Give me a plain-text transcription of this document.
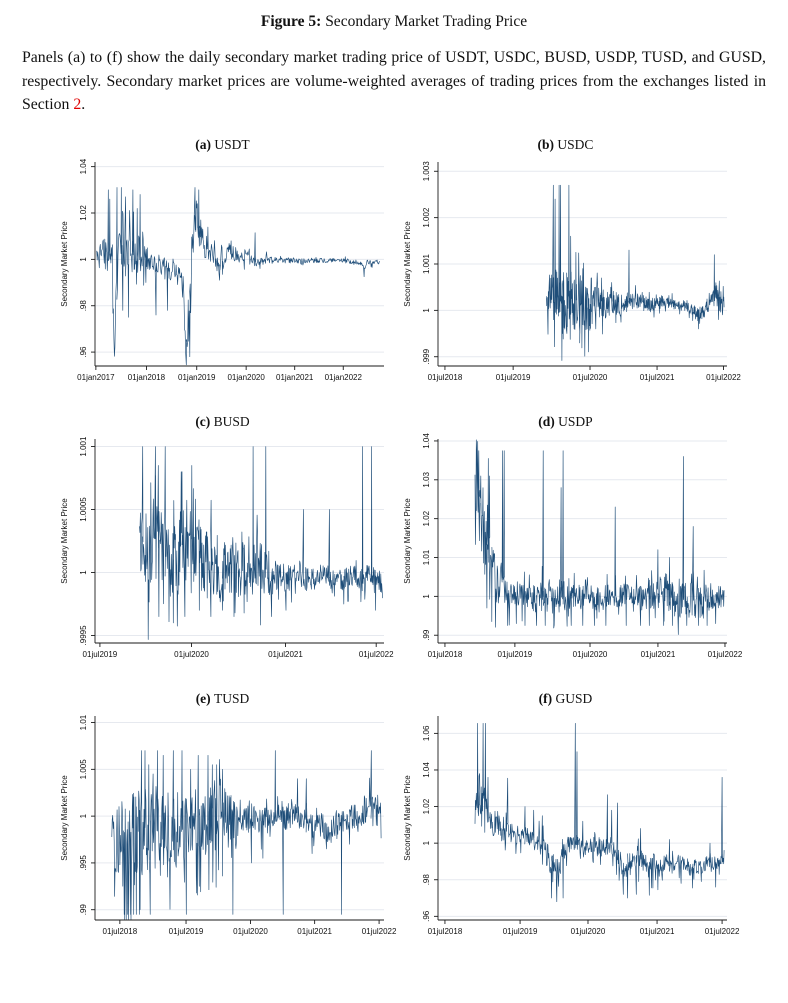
Figure 5: Secondary Market Trading Price

Panels (a) to (f) show the daily secondary market trading price of USDT, USDC, BUSD, USDP, TUSD, and GUSD, respectively. Secondary market prices are volume-weighted averages of trading prices from the exchanges listed in Section 2.

(a) USDT
.96
.98
1
1.02
1.04
01jan2017 01jan2018 01jan2019 01jan2020 01jan2021 01jan2022
Secondary Market Price
(b) USDC
.999
1
1.001
1.002
1.003
01jul2018	01jul2019	01jul2020	01jul2021	01jul2022
Secondary Market Price
(c) BUSD
.9995
1
1.0005
1.001
01jul2019	01jul2020	01jul2021	01jul2022
Secondary Market Price
(d) USDP
.99
1
1.01
1.02
1.03
1.04
01jul2018	01jul2019	01jul2020	01jul2021	01jul2022
Secondary Market Price
(e) TUSD
.99
.995
1
1.005
1.01
01jul2018	01jul2019	01jul2020	01jul2021	01jul2022
Secondary Market Price
(f) GUSD
.96
.98
1
1.02
1.04
1.06
01jul2018	01jul2019	01jul2020	01jul2021	01jul2022
Secondary Market Price
